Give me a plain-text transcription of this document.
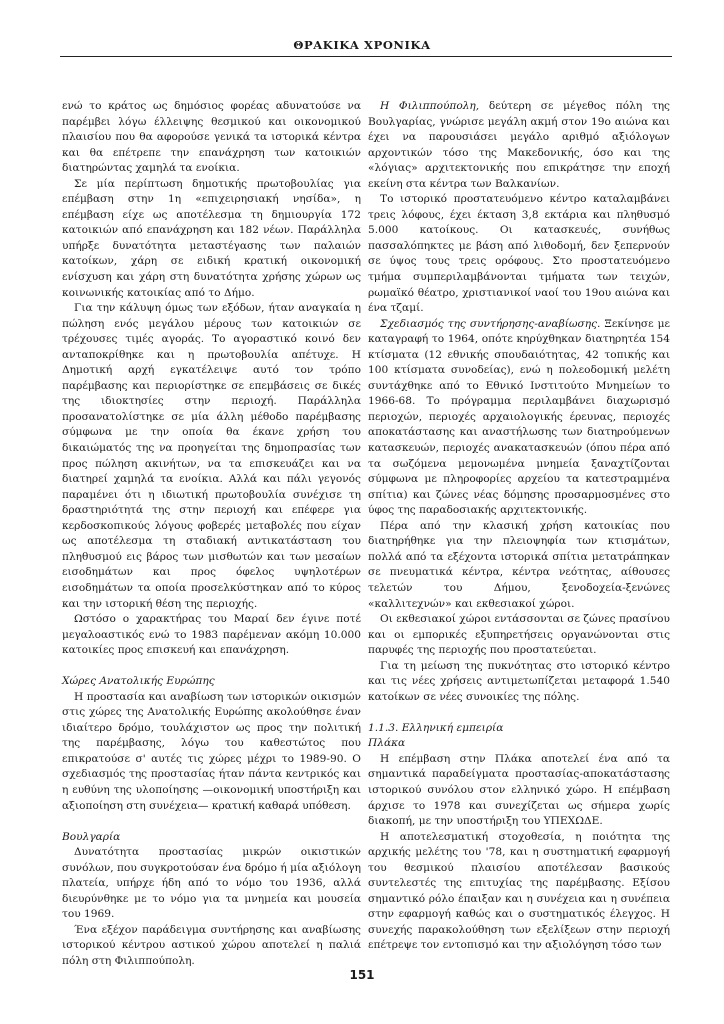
ΘΡΑΚΙΚΑ ΧΡΟΝΙΚΑ

ενώ το κράτος ως δημόσιος φορέας αδυνατούσε να παρέμβει λόγω έλλειψης θεσμικού και οικονομικού πλαισίου που θα αφορούσε γενικά τα ιστορικά κέντρα και θα επέτρεπε την επανάχρηση των κατοικιών διατηρώντας χαμηλά τα ενοίκια.

Σε μία περίπτωση δημοτικής πρωτοβουλίας για επέμβαση στην 1η «επιχειρησιακή νησίδα», η επέμβαση είχε ως αποτέλεσμα τη δημιουργία 172 κατοικιών από επανάχρηση και 182 νέων. Παράλληλα υπήρξε δυνατότητα μεταστέγασης των παλαιών κατοίκων, χάρη σε ειδική κρατική οικονομική ενίσχυση και χάρη στη δυνατότητα χρήσης χώρων ως κοινωνικής κατοικίας από το Δήμο.

Για την κάλυψη όμως των εξόδων, ήταν αναγκαία η πώληση ενός μεγάλου μέρους των κατοικιών σε τρέχουσες τιμές αγοράς. Το αγοραστικό κοινό δεν ανταποκρίθηκε και η πρωτοβουλία απέτυχε. Η Δημοτική αρχή εγκατέλειψε αυτό τον τρόπο παρέμβασης και περιορίστηκε σε επεμβάσεις σε δικές της ιδιοκτησίες στην περιοχή. Παράλληλα προσανατολίστηκε σε μία άλλη μέθοδο παρέμβασης σύμφωνα με την οποία θα έκανε χρήση του δικαιώματός της να προηγείται της δημοπρασίας των προς πώληση ακινήτων, να τα επισκευάζει και να διατηρεί χαμηλά τα ενοίκια. Αλλά και πάλι γεγονός παραμένει ότι η ιδιωτική πρωτοβουλία συνέχισε τη δραστηριότητά της στην περιοχή και επέφερε για κερδοσκοπικούς λόγους φοβερές μεταβολές που είχαν ως αποτέλεσμα τη σταδιακή αντικατάσταση του πληθυσμού εις βάρος των μισθωτών και των μεσαίων εισοδημάτων και προς όφελος υψηλοτέρων εισοδημάτων τα οποία προσελκύστηκαν από το κύρος και την ιστορική θέση της περιοχής.

Ωστόσο ο χαρακτήρας του Μαραί δεν έγινε ποτέ μεγαλοαστικός ενώ το 1983 παρέμεναν ακόμη 10.000 κατοικίες προς επισκευή και επανάχρηση.

Χώρες Ανατολικής Ευρώπης

Η προστασία και αναβίωση των ιστορικών οικισμών στις χώρες της Ανατολικής Ευρώπης ακολούθησε έναν ιδιαίτερο δρόμο, τουλάχιστον ως προς την πολιτική της παρέμβασης, λόγω του καθεστώτος που επικρατούσε σ' αυτές τις χώρες μέχρι το 1989-90. Ο σχεδιασμός της προστασίας ήταν πάντα κεντρικός και η ευθύνη της υλοποίησης —οικονομική υποστήριξη και αξιοποίηση στη συνέχεια— κρατική καθαρά υπόθεση.

Βουλγαρία

Δυνατότητα προστασίας μικρών οικιστικών συνόλων, που συγκροτούσαν ένα δρόμο ή μία αξιόλογη πλατεία, υπήρχε ήδη από το νόμο του 1936, αλλά διευρύνθηκε με το νόμο για τα μνημεία και μουσεία του 1969.

Ένα εξέχον παράδειγμα συντήρησης και αναβίωσης ιστορικού κέντρου αστικού χώρου αποτελεί η παλιά πόλη στη Φιλιππούπολη.

Η Φιλιππούπολη, δεύτερη σε μέγεθος πόλη της Βουλγαρίας, γνώρισε μεγάλη ακμή στον 19ο αιώνα και έχει να παρουσιάσει μεγάλο αριθμό αξιόλογων αρχοντικών τόσο της Μακεδονικής, όσο και της «λόγιας» αρχιτεκτονικής που επικράτησε την εποχή εκείνη στα κέντρα των Βαλκανίων.

Το ιστορικό προστατευόμενο κέντρο καταλαμβάνει τρεις λόφους, έχει έκταση 3,8 εκτάρια και πληθυσμό 5.000 κατοίκους. Οι κατασκευές, συνήθως πασσαλόπηκτες με βάση από λιθοδομή, δεν ξεπερνούν σε ύψος τους τρεις ορόφους. Στο προστατευόμενο τμήμα συμπεριλαμβάνονται τμήματα των τειχών, ρωμαϊκό θέατρο, χριστιανικοί ναοί του 19ου αιώνα και ένα τζαμί.

Σχεδιασμός της συντήρησης-αναβίωσης. Ξεκίνησε με καταγραφή το 1964, οπότε κηρύχθηκαν διατηρητέα 154 κτίσματα (12 εθνικής σπουδαιότητας, 42 τοπικής και 100 κτίσματα συνοδείας), ενώ η πολεοδομική μελέτη συντάχθηκε από το Εθνικό Ινστιτούτο Μνημείων το 1966-68. Το πρόγραμμα περιλαμβάνει διαχωρισμό περιοχών, περιοχές αρχαιολογικής έρευνας, περιοχές αποκατάστασης και αναστήλωσης των διατηρούμενων κατασκευών, περιοχές ανακατασκευών (όπου πέρα από τα σωζόμενα μεμονωμένα μνημεία ξαναχτίζονται σύμφωνα με πληροφορίες αρχείου τα κατεστραμμένα σπίτια) και ζώνες νέας δόμησης προσαρμοσμένες στο ύφος της παραδοσιακής αρχιτεκτονικής.

Πέρα από την κλασική χρήση κατοικίας που διατηρήθηκε για την πλειοψηφία των κτισμάτων, πολλά από τα εξέχοντα ιστορικά σπίτια μετατράπηκαν σε πνευματικά κέντρα, κέντρα νεότητας, αίθουσες τελετών του Δήμου, ξενοδοχεία-ξενώνες «καλλιτεχνών» και εκθεσιακοί χώροι.

Οι εκθεσιακοί χώροι εντάσσονται σε ζώνες πρασίνου και οι εμπορικές εξυπηρετήσεις οργανώνονται στις παρυφές της περιοχής που προστατεύεται.

Για τη μείωση της πυκνότητας στο ιστορικό κέντρο και τις νέες χρήσεις αντιμετωπίζεται μεταφορά 1.540 κατοίκων σε νέες συνοικίες της πόλης.

1.1.3. Ελληνική εμπειρία

Πλάκα

Η επέμβαση στην Πλάκα αποτελεί ένα από τα σημαντικά παραδείγματα προστασίας-αποκατάστασης ιστορικού συνόλου στον ελληνικό χώρο. Η επέμβαση άρχισε το 1978 και συνεχίζεται ως σήμερα χωρίς διακοπή, με την υποστήριξη του ΥΠΕΧΩΔΕ.

Η αποτελεσματική στοχοθεσία, η ποιότητα της αρχικής μελέτης του '78, και η συστηματική εφαρμογή του θεσμικού πλαισίου αποτέλεσαν βασικούς συντελεστές της επιτυχίας της παρέμβασης. Εξίσου σημαντικό ρόλο έπαιξαν και η συνέχεια και η συνέπεια στην εφαρμογή καθώς και ο συστηματικός έλεγχος. Η συνεχής παρακολούθηση των εξελίξεων στην περιοχή επέτρεψε τον εντοπισμό και την αξιολόγηση τόσο των

151
